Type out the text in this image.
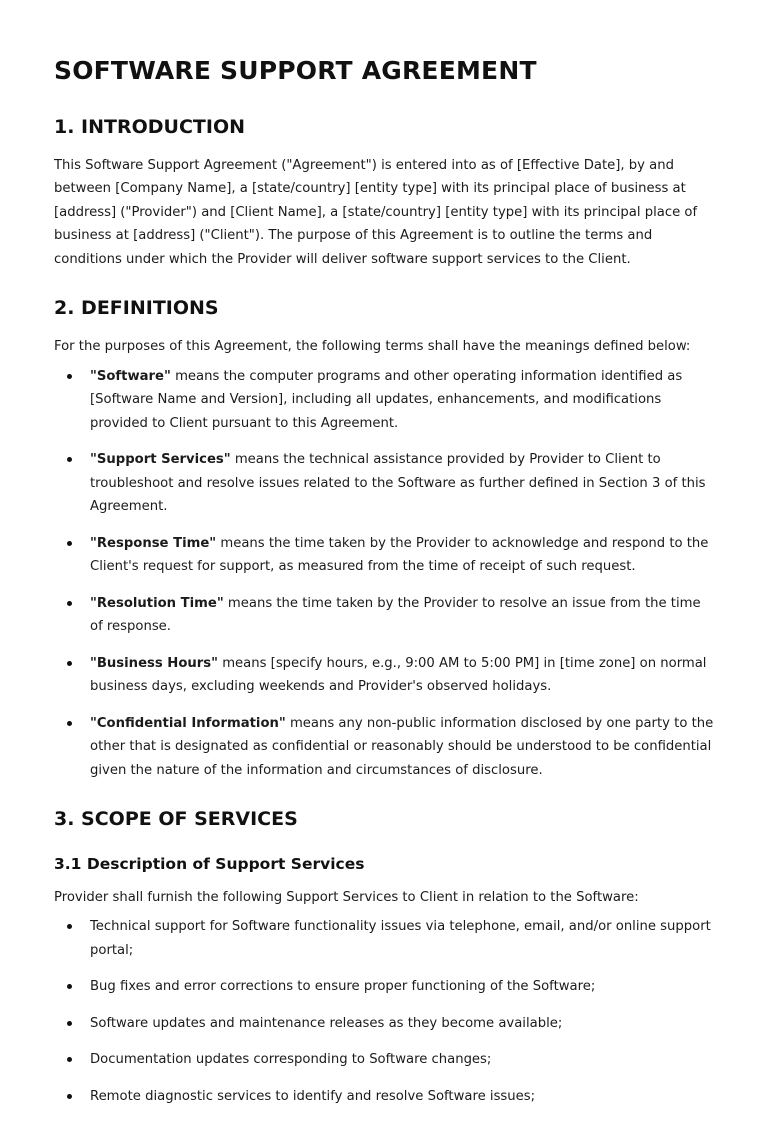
SOFTWARE SUPPORT AGREEMENT
1. INTRODUCTION

This Software Support Agreement ("Agreement") is entered into as of [Effective Date], by and between [Company Name], a [state/country] [entity type] with its principal place of business at [address] ("Provider") and [Client Name], a [state/country] [entity type] with its principal place of business at [address] ("Client"). The purpose of this Agreement is to outline the terms and conditions under which the Provider will deliver software support services to the Client.

2. DEFINITIONS

For the purposes of this Agreement, the following terms shall have the meanings defined below:

"Software" means the computer programs and other operating information identified as [Software Name and Version], including all updates, enhancements, and modifications provided to Client pursuant to this Agreement.
"Support Services" means the technical assistance provided by Provider to Client to troubleshoot and resolve issues related to the Software as further defined in Section 3 of this Agreement.
"Response Time" means the time taken by the Provider to acknowledge and respond to the Client's request for support, as measured from the time of receipt of such request.
"Resolution Time" means the time taken by the Provider to resolve an issue from the time of response.
"Business Hours" means [specify hours, e.g., 9:00 AM to 5:00 PM] in [time zone] on normal business days, excluding weekends and Provider's observed holidays.
"Confidential Information" means any non-public information disclosed by one party to the other that is designated as confidential or reasonably should be understood to be confidential given the nature of the information and circumstances of disclosure.
3. SCOPE OF SERVICES
3.1 Description of Support Services

Provider shall furnish the following Support Services to Client in relation to the Software:

Technical support for Software functionality issues via telephone, email, and/or online support portal;
Bug fixes and error corrections to ensure proper functioning of the Software;
Software updates and maintenance releases as they become available;
Documentation updates corresponding to Software changes;
Remote diagnostic services to identify and resolve Software issues;
